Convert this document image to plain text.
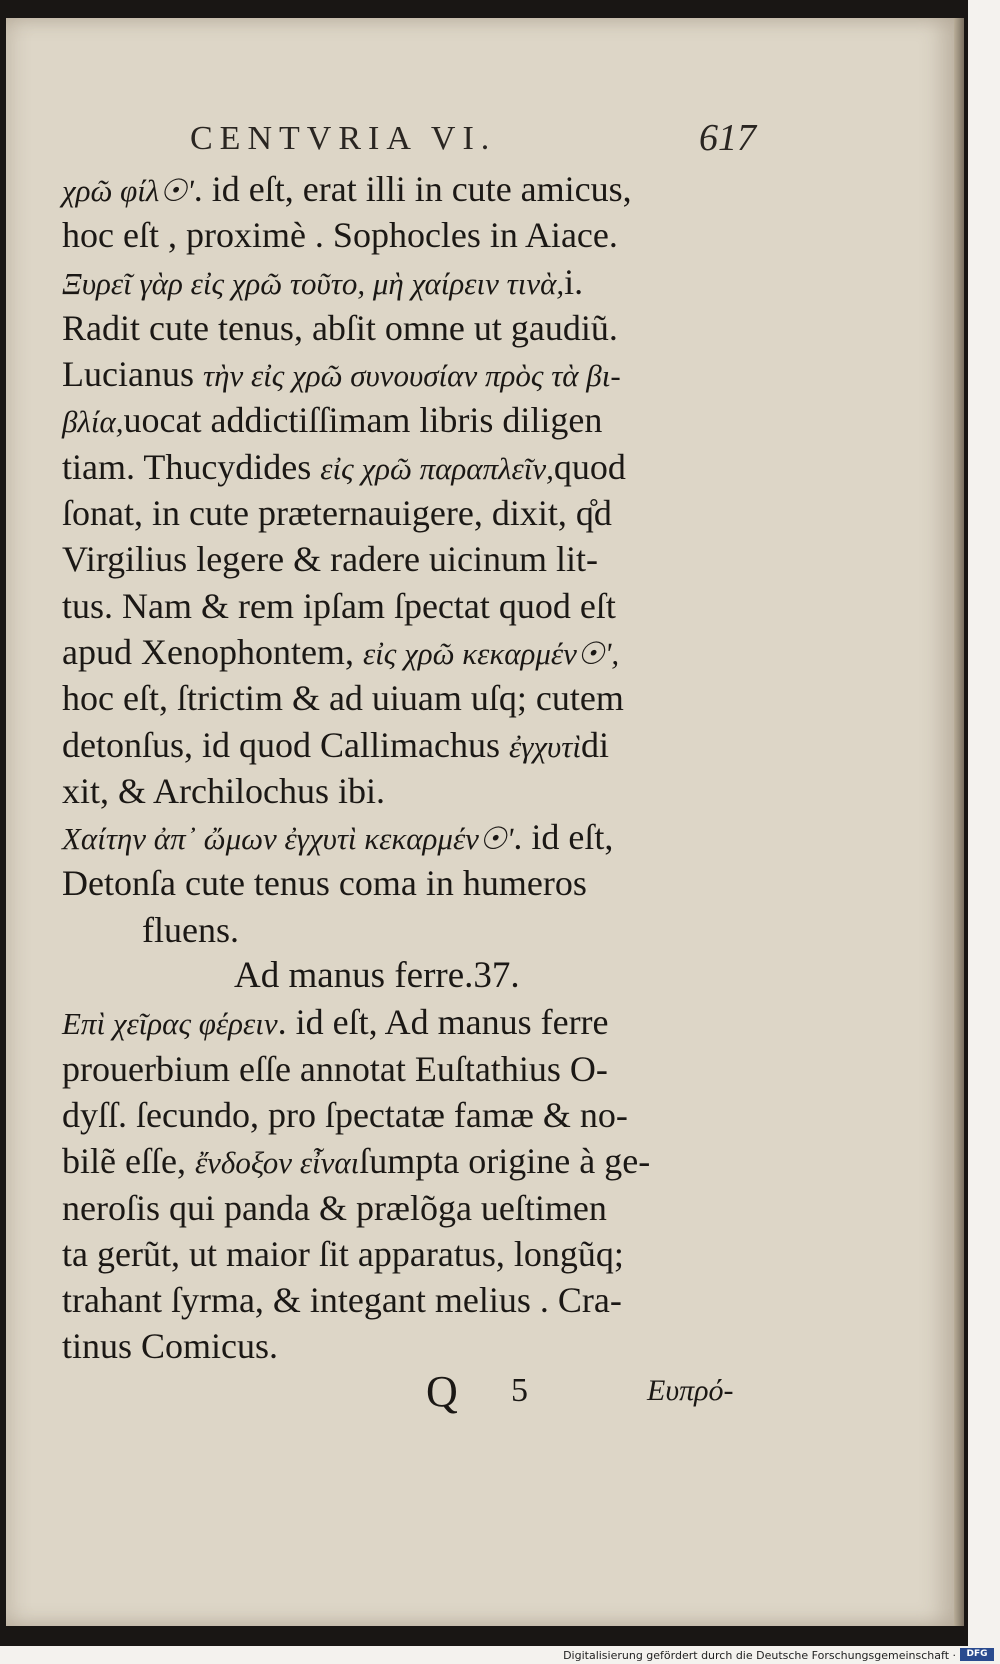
CENTVRIA VI.	617
χρῶ φίλ☉ʹ. id eſt, erat illi in cute amicus,
hoc eſt , proximè . Sophocles in Aiace.
Ξυρεῖ γὰρ εἰς χρῶ τοῦτο, μὴ χαίρειν τινὰ,i.
Radit cute tenus, abſit omne ut gaudiũ.
Lucianus τὴν εἰς χρῶ συνουσίαν πρὸς τὰ βι-
βλία,uocat addictiſſimam libris diligen
tiam. Thucydides εἰς χρῶ παραπλεῖν,quod
ſonat, in cute præternauigere, dixit, q̊d
Virgilius legere & radere uicinum lit-
tus. Nam & rem ipſam ſpectat quod eſt
apud Xenophontem, εἰς χρῶ κεκαρμέν☉ʹ,
hoc eſt, ſtrictim & ad uiuam uſq; cutem
detonſus, id quod Callimachus ἐγχυτὶdi
xit, & Archilochus ibi.
Χαίτην ἀπ᾽ ὤμων ἐγχυτὶ κεκαρμέν☉ʹ. id eſt,
Detonſa cute tenus coma in humeros
fluens.
Ad manus ferre.37.
Επὶ χεῖρας φέρειν. id eſt, Ad manus ferre
prouerbium eſſe annotat Euſtathius O-
dyſſ. ſecundo, pro ſpectatæ famæ & no-
bilẽ eſſe, ἔνδοξον εἶναιſumpta origine à ge-
neroſis qui panda & prælõga ueſtimen
ta gerũt, ut maior ſit apparatus, longũq;
trahant ſyrma, & integant melius . Cra-
tinus Comicus.
Q 5	Ευπρό-
Digitalisierung gefördert durch die Deutsche Forschungsgemeinschaft ·	DFG
